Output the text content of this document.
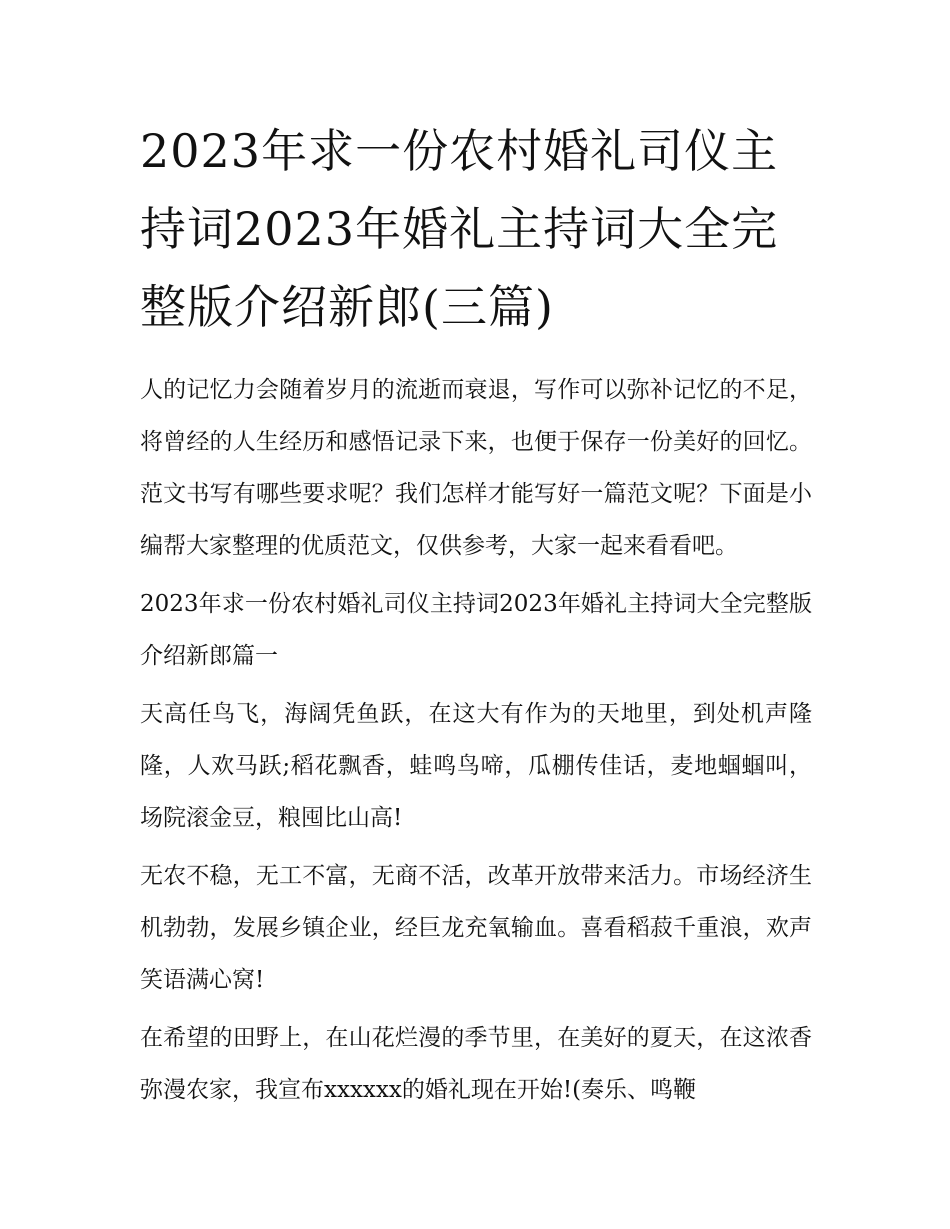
2023年求一份农村婚礼司仪主持词2023年婚礼主持词大全完整版介绍新郎(三篇)

人的记忆力会随着岁月的流逝而衰退，写作可以弥补记忆的不足，将曾经的人生经历和感悟记录下来，也便于保存一份美好的回忆。范文书写有哪些要求呢？我们怎样才能写好一篇范文呢？下面是小编帮大家整理的优质范文，仅供参考，大家一起来看看吧。

2023年求一份农村婚礼司仪主持词2023年婚礼主持词大全完整版介绍新郎篇一

天高任鸟飞，海阔凭鱼跃，在这大有作为的天地里，到处机声隆隆，人欢马跃;稻花飘香，蛙鸣鸟啼，瓜棚传佳话，麦地蝈蝈叫，场院滚金豆，粮囤比山高!

无农不稳，无工不富，无商不活，改革开放带来活力。市场经济生机勃勃，发展乡镇企业，经巨龙充氧输血。喜看稻菽千重浪，欢声笑语满心窝!

在希望的田野上，在山花烂漫的季节里，在美好的夏天，在这浓香弥漫农家，我宣布xxxxxx的婚礼现在开始!(奏乐、鸣鞭
